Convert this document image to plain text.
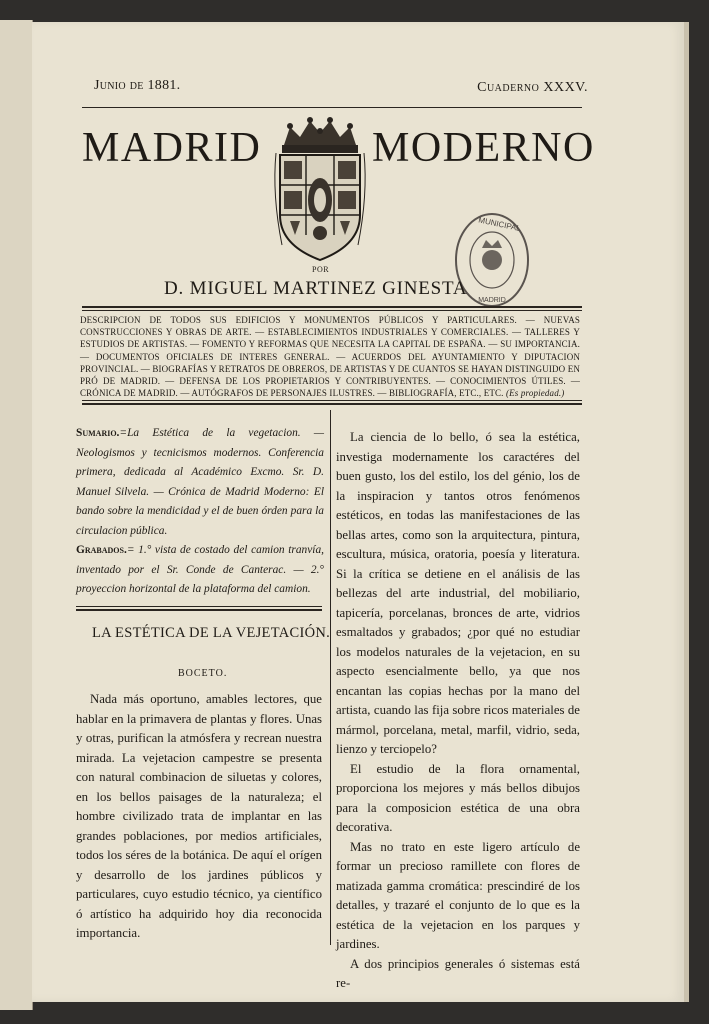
Junio de 1881.	Cuaderno XXXV.
MADRID	MODERNO
MUNICIPAL
MADRID
POR
D. MIGUEL MARTINEZ GINESTA
DESCRIPCION DE TODOS SUS EDIFICIOS Y MONUMENTOS PÚBLICOS Y PARTICULARES. — NUEVAS CONSTRUCCIONES Y OBRAS DE ARTE. — ESTABLECIMIENTOS INDUSTRIALES Y COMERCIALES. — TALLERES Y ESTUDIOS DE ARTISTAS. — FOMENTO Y REFORMAS QUE NECESITA LA CAPITAL DE ESPAÑA. — SU IMPORTANCIA. — DOCUMENTOS OFICIALES DE INTERES GENERAL. — ACUERDOS DEL AYUNTAMIENTO Y DIPUTACION PROVINCIAL. — BIOGRAFÍAS Y RETRATOS DE OBREROS, DE ARTISTAS Y DE CUANTOS SE HAYAN DISTINGUIDO EN PRÓ DE MADRID. — DEFENSA DE LOS PROPIETARIOS Y CONTRIBUYENTES. — CONOCIMIENTOS ÚTILES. — CRÓNICA DE MADRID. — AUTÓGRAFOS DE PERSONAJES ILUSTRES. — BIBLIOGRAFÍA, ETC., ETC. (Es propiedad.)
Sumario.=La Estética de la vegetacion. — Neologismos y tecnicismos modernos. Conferencia primera, dedicada al Académico Excmo. Sr. D. Manuel Silvela. — Crónica de Madrid Moderno: El bando sobre la mendicidad y el de buen órden para la circulacion pública.
Grabados.= 1.° vista de costado del camion tranvía, inventado por el Sr. Conde de Canterac. — 2.° proyeccion horizontal de la plataforma del camion.
LA ESTÉTICA DE LA VEJETACIÓN.
BOCETO.

Nada más oportuno, amables lectores, que hablar en la primavera de plantas y flores. Unas y otras, purifican la atmósfera y recrean nuestra mirada. La vejetacion campestre se presenta con natural combinacion de siluetas y colores, en los bellos paisages de la naturaleza; el hombre civilizado trata de implantar en las grandes poblaciones, por medios artificiales, todos los séres de la botánica. De aquí el orígen y desarrollo de los jardines públicos y particulares, cuyo estudio técnico, ya científico ó artístico ha adquirido hoy dia reconocida importancia.

La ciencia de lo bello, ó sea la estética, investiga modernamente los caractéres del buen gusto, los del estilo, los del génio, los de la inspiracion y tantos otros fenómenos estéticos, en todas las manifestaciones de las bellas artes, como son la arquitectura, pintura, escultura, música, oratoria, poesía y literatura. Si la crítica se detiene en el análisis de las bellezas del arte industrial, del mobiliario, tapicería, porcelanas, bronces de arte, vidrios esmaltados y grabados; ¿por qué no estudiar los modelos naturales de la vejetacion, en su aspecto esencialmente bello, ya que nos encantan las copias hechas por la mano del artista, cuando las fija sobre ricos materiales de mármol, porcelana, metal, marfil, vidrio, seda, lienzo y terciopelo?

El estudio de la flora ornamental, proporciona los mejores y más bellos dibujos para la composicion estética de una obra decorativa.

Mas no trato en este ligero artículo de formar un precioso ramillete con flores de matizada gamma cromática: prescindiré de los detalles, y trazaré el conjunto de lo que es la estética de la vejetacion en los parques y jardines.

A dos principios generales ó sistemas está re-
